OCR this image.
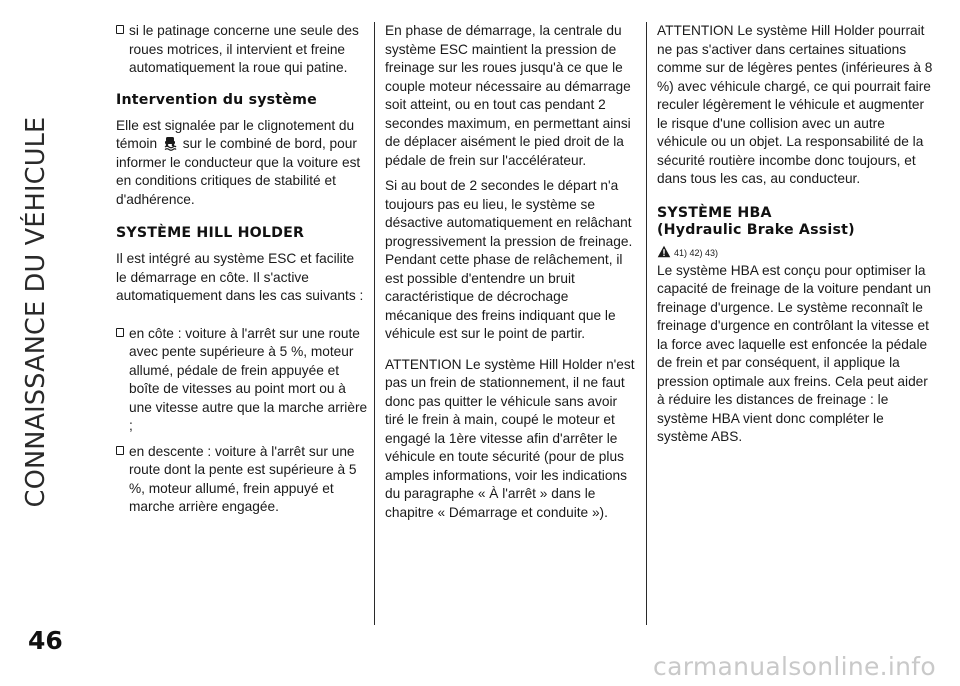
CONNAISSANCE DU VÉHICULE
46
carmanualsonline.info
si le patinage concerne une seule des roues motrices, il intervient et freine automatiquement la roue qui patine.
Intervention du système

Elle est signalée par le clignotement du témoin sur le combiné de bord, pour informer le conducteur que la voiture est en conditions critiques de stabilité et d'adhérence.

SYSTÈME HILL HOLDER

Il est intégré au système ESC et facilite le démarrage en côte. Il s'active automatiquement dans les cas suivants :

en côte : voiture à l'arrêt sur une route avec pente supérieure à 5 %, moteur allumé, pédale de frein appuyée et boîte de vitesses au point mort ou à une vitesse autre que la marche arrière ;
en descente : voiture à l'arrêt sur une route dont la pente est supérieure à 5 %, moteur allumé, frein appuyé et marche arrière engagée.

En phase de démarrage, la centrale du système ESC maintient la pression de freinage sur les roues jusqu'à ce que le couple moteur nécessaire au démarrage soit atteint, ou en tout cas pendant 2 secondes maximum, en permettant ainsi de déplacer aisément le pied droit de la pédale de frein sur l'accélérateur.

Si au bout de 2 secondes le départ n'a toujours pas eu lieu, le système se désactive automatiquement en relâchant progressivement la pression de freinage. Pendant cette phase de relâchement, il est possible d'entendre un bruit caractéristique de décrochage mécanique des freins indiquant que le véhicule est sur le point de partir.

ATTENTION Le système Hill Holder n'est pas un frein de stationnement, il ne faut donc pas quitter le véhicule sans avoir tiré le frein à main, coupé le moteur et engagé la 1ère vitesse afin d'arrêter le véhicule en toute sécurité (pour de plus amples informations, voir les indications du paragraphe « À l'arrêt » dans le chapitre « Démarrage et conduite »).

ATTENTION Le système Hill Holder pourrait ne pas s'activer dans certaines situations comme sur de légères pentes (inférieures à 8 %) avec véhicule chargé, ce qui pourrait faire reculer légèrement le véhicule et augmenter le risque d'une collision avec un autre véhicule ou un objet. La responsabilité de la sécurité routière incombe donc toujours, et dans tous les cas, au conducteur.

SYSTÈME HBA
(Hydraulic Brake Assist)
41) 42) 43)

Le système HBA est conçu pour optimiser la capacité de freinage de la voiture pendant un freinage d'urgence. Le système reconnaît le freinage d'urgence en contrôlant la vitesse et la force avec laquelle est enfoncée la pédale de frein et par conséquent, il applique la pression optimale aux freins. Cela peut aider à réduire les distances de freinage : le système HBA vient donc compléter le système ABS.
